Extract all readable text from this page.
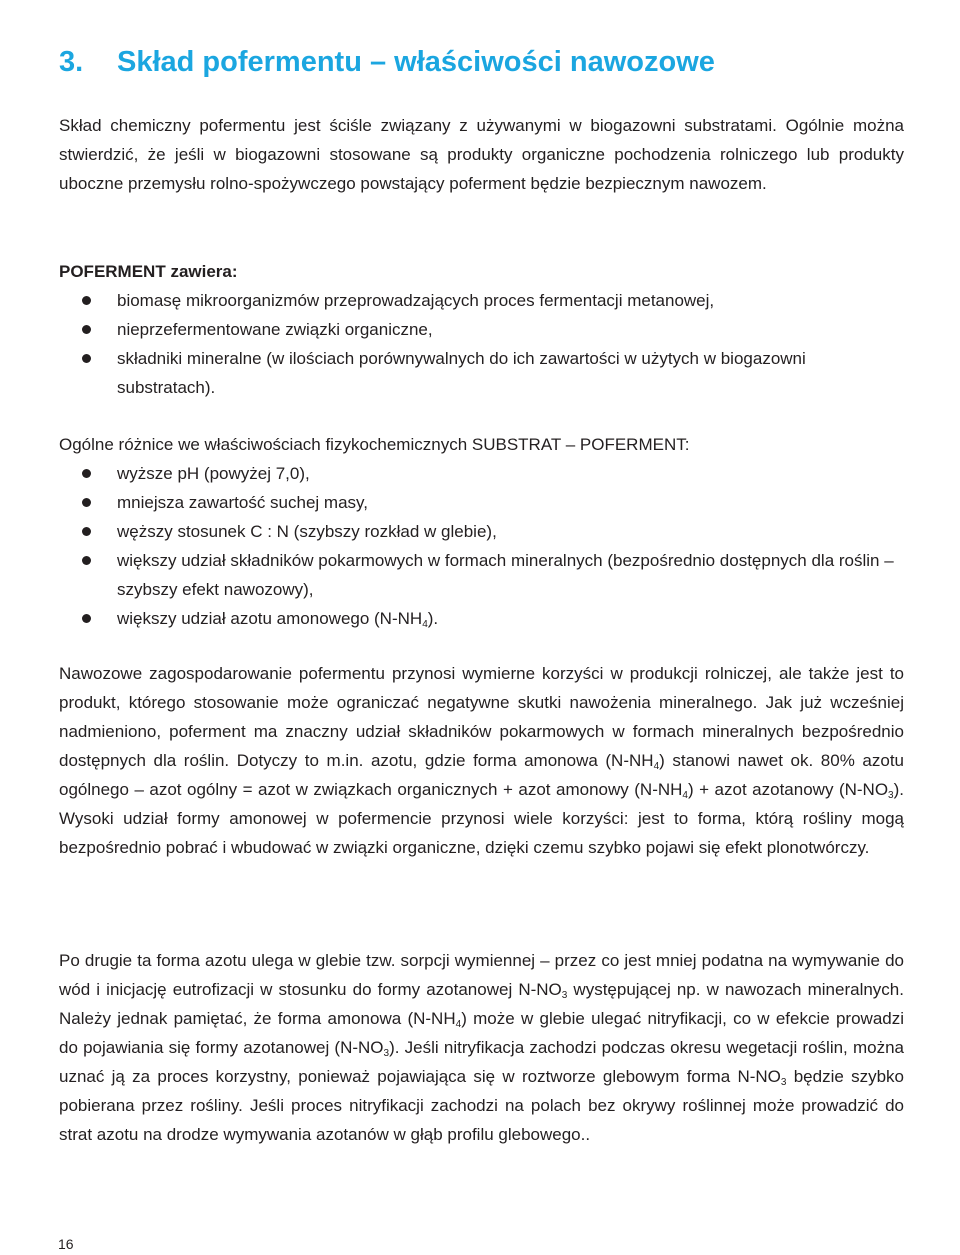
3. Skład pofermentu – właściwości nawozowe

Skład chemiczny pofermentu jest ściśle związany z używanymi w biogazowni substratami. Ogólnie można stwierdzić, że jeśli w biogazowni stosowane są produkty organiczne pochodzenia rolniczego lub produkty uboczne przemysłu rolno-spożywczego powstający poferment będzie bezpiecznym nawozem.

POFERMENT zawiera:

biomasę mikroorganizmów przeprowadzających proces fermentacji metanowej,
nieprzefermentowane związki organiczne,
składniki mineralne (w ilościach porównywalnych do ich zawartości w użytych w biogazowni substratach).

Ogólne różnice we właściwościach fizykochemicznych SUBSTRAT – POFERMENT:

wyższe pH (powyżej 7,0),
mniejsza zawartość suchej masy,
węższy stosunek C : N (szybszy rozkład w glebie),
większy udział składników pokarmowych w formach mineralnych (bezpośrednio dostępnych dla roślin – szybszy efekt nawozowy),
większy udział azotu amonowego $(N-NH_4)$.

Nawozowe zagospodarowanie pofermentu przynosi wymierne korzyści w produkcji rolniczej, ale także jest to produkt, którego stosowanie może ograniczać negatywne skutki nawożenia mineralnego. Jak już wcześniej nadmieniono, poferment ma znaczny udział składników pokarmowych w formach mineralnych bezpośrednio dostępnych dla roślin. Dotyczy to m.in. azotu, gdzie forma amonowa $(N-NH_4)$ stanowi nawet ok. 80% azotu ogólnego – azot ogólny = azot w związkach organicznych + azot amonowy $(N-NH_4)$ + azot azotanowy $(N-NO_3)$. Wysoki udział formy amonowej w pofermencie przynosi wiele korzyści: jest to forma, którą rośliny mogą bezpośrednio pobrać i wbudować w związki organiczne, dzięki czemu szybko pojawi się efekt plonotwórczy.

Po drugie ta forma azotu ulega w glebie tzw. sorpcji wymiennej – przez co jest mniej podatna na wymywanie do wód i inicjację eutrofizacji w stosunku do formy azotanowej $N-NO_3$ występującej np. w nawozach mineralnych. Należy jednak pamiętać, że forma amonowa $(N-NH_4)$ może w glebie ulegać nitryfikacji, co w efekcie prowadzi do pojawiania się formy azotanowej $(N-NO_3)$. Jeśli nitryfikacja zachodzi podczas okresu wegetacji roślin, można uznać ją za proces korzystny, ponieważ pojawiająca się w roztworze glebowym forma $N-NO_3$ będzie szybko pobierana przez rośliny. Jeśli proces nitryfikacji zachodzi na polach bez okrywy roślinnej może prowadzić do strat azotu na drodze wymywania azotanów w głąb profilu glebowego..

16
